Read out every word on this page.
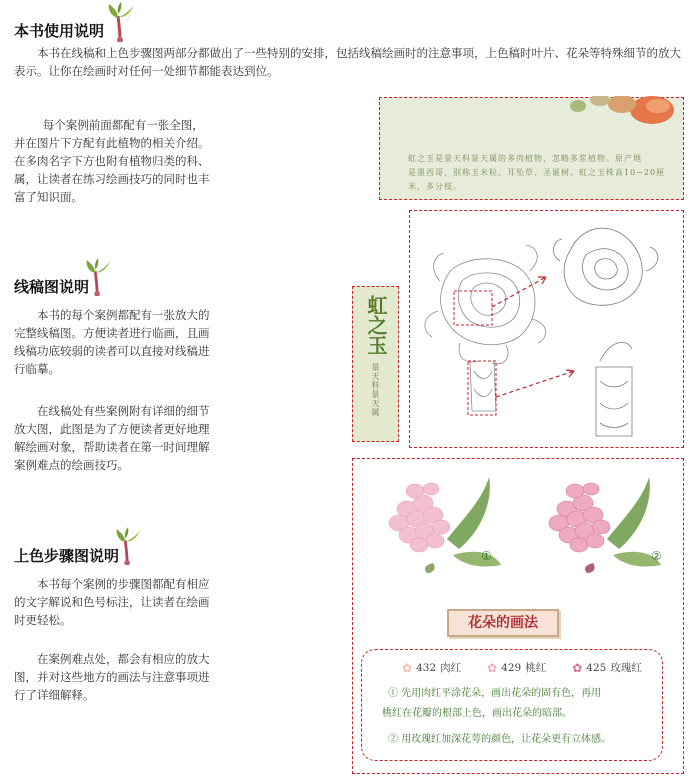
本书使用说明
本书在线稿和上色步骤图两部分都做出了一些特别的安排，包括线稿绘画时的注意事项，上色稿时叶片、花朵等特殊细节的放大表示。让你在绘画时对任何一处细节都能表达到位。
每个案例前面都配有一张全图，并在图片下方配有此植物的相关介绍。在多肉名字下方也附有植物归类的科、属，让读者在练习绘画技巧的同时也丰富了知识面。
线稿图说明
本书的每个案例都配有一张放大的完整线稿图。方便读者进行临画，且画线稿功底较弱的读者可以直接对线稿进行临摹。
在线稿处有些案例附有详细的细节放大图，此图是为了方便读者更好地理解绘画对象，帮助读者在第一时间理解案例难点的绘画技巧。
上色步骤图说明
本书每个案例的步骤图都配有相应的文字解说和色号标注，让读者在绘画时更轻松。
在案例难点处，都会有相应的放大图，并对这些地方的画法与注意事项进行了详细解释。
虹之玉是景天科景天属的多肉植物，忽略多浆植物。原产地
是墨西哥，别称玉米粒、耳坠草、圣诞树。虹之玉株高10~20厘米，多分枝。
虹之玉
景天科景天属
①	②
花朵的画法
✿ 432 肉红 ✿ 429 桃红 ✿ 425 玫瑰红
① 先用肉红平涂花朵，画出花朵的固有色，再用
桃红在花瓣的根部上色，画出花朵的暗部。
② 用玫瑰红加深花萼的颜色，让花朵更有立体感。
